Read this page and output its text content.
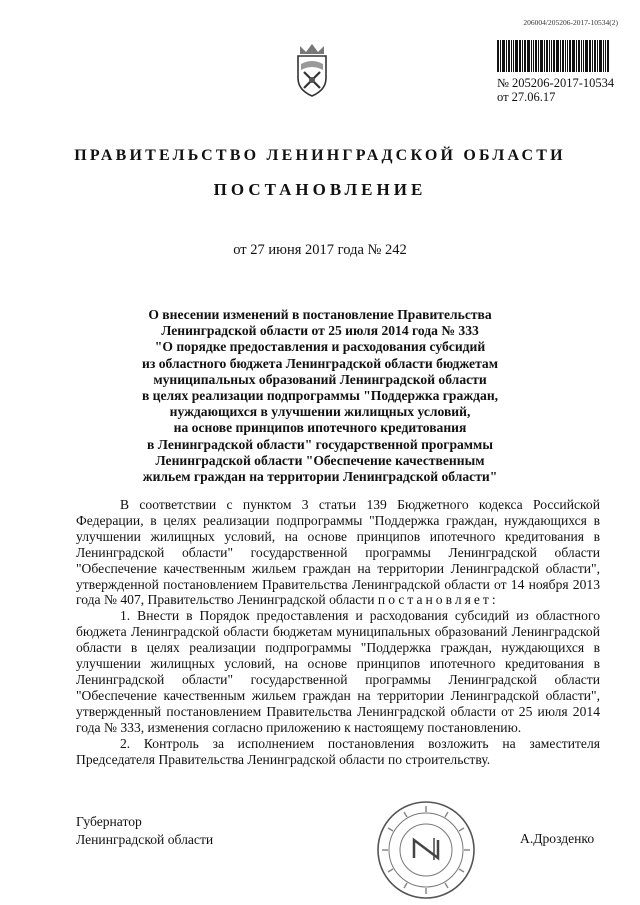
206004/205206-2017-10534(2)
№ 205206-2017-10534
от 27.06.17
ПРАВИТЕЛЬСТВО ЛЕНИНГРАДСКОЙ ОБЛАСТИ
ПОСТАНОВЛЕНИЕ
от 27 июня 2017 года № 242
О внесении изменений в постановление Правительства
Ленинградской области от 25 июля 2014 года № 333
"О порядке предоставления и расходования субсидий
из областного бюджета Ленинградской области бюджетам
муниципальных образований Ленинградской области
в целях реализации подпрограммы "Поддержка граждан,
нуждающихся в улучшении жилищных условий,
на основе принципов ипотечного кредитования
в Ленинградской области" государственной программы
Ленинградской области "Обеспечение качественным
жильем граждан на территории Ленинградской области"

В соответствии с пунктом 3 статьи 139 Бюджетного кодекса Российской Федерации, в целях реализации подпрограммы "Поддержка граждан, нуждающихся в улучшении жилищных условий, на основе принципов ипотечного кредитования в Ленинградской области" государственной программы Ленинградской области "Обеспечение качественным жильем граждан на территории Ленинградской области", утвержденной постановлением Правительства Ленинградской области от 14 ноября 2013 года № 407, Правительство Ленинградской области постановляет:

1. Внести в Порядок предоставления и расходования субсидий из областного бюджета Ленинградской области бюджетам муниципальных образований Ленинградской области в целях реализации подпрограммы "Поддержка граждан, нуждающихся в улучшении жилищных условий, на основе принципов ипотечного кредитования в Ленинградской области" государственной программы Ленинградской области "Обеспечение качественным жильем граждан на территории Ленинградской области", утвержденный постановлением Правительства Ленинградской области от 25 июля 2014 года № 333, изменения согласно приложению к настоящему постановлению.

2. Контроль за исполнением постановления возложить на заместителя Председателя Правительства Ленинградской области по строительству.

Губернатор
Ленинградской области	А.Дрозденко
